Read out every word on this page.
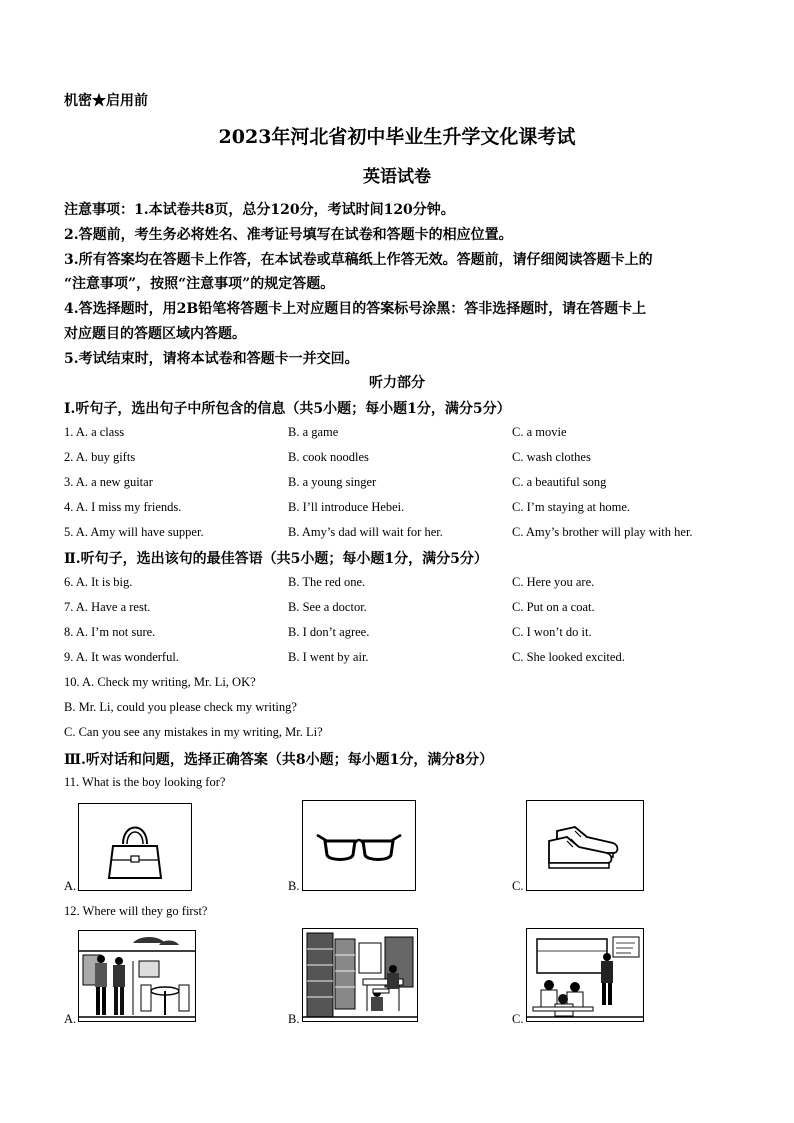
机密★启用前
2023年河北省初中毕业生升学文化课考试
英语试卷
注意事项：1.本试卷共8页，总分120分，考试时间120分钟。
2.答题前，考生务必将姓名、准考证号填写在试卷和答题卡的相应位置。
3.所有答案均在答题卡上作答，在本试卷或草稿纸上作答无效。答题前，请仔细阅读答题卡上的
“注意事项”，按照“注意事项”的规定答题。
4.答选择题时，用2B铅笔将答题卡上对应题目的答案标号涂黑：答非选择题时，请在答题卡上
对应题目的答题区域内答题。
5.考试结束时，请将本试卷和答题卡一并交回。
听力部分
Ⅰ.听句子，选出句子中所包含的信息（共5小题；每小题1分，满分5分）
1. A. a class	B. a game	C. a movie
2. A. buy gifts	B. cook noodles	C. wash clothes
3. A. a new guitar	B. a young singer	C. a beautiful song
4. A. I miss my friends.	B. I’ll introduce Hebei.	C. I’m staying at home.
5. A. Amy will have supper.	B. Amy’s dad will wait for her.	C. Amy’s brother will play with her.
Ⅱ.听句子，选出该句的最佳答语（共5小题；每小题1分，满分5分）
6. A. It is big.	B. The red one.	C. Here you are.
7. A. Have a rest.	B. See a doctor.	C. Put on a coat.
8. A. I’m not sure.	B. I don’t agree.	C. I won’t do it.
9. A. It was wonderful.	B. I went by air.	C. She looked excited.
10. A. Check my writing, Mr. Li, OK?
B. Mr. Li, could you please check my writing?
C. Can you see any mistakes in my writing, Mr. Li?
Ⅲ.听对话和问题，选择正确答案（共8小题；每小题1分，满分8分）
11. What is the boy looking for?
A.	B.	C.
12. Where will they go first?
A.	B.	C.
